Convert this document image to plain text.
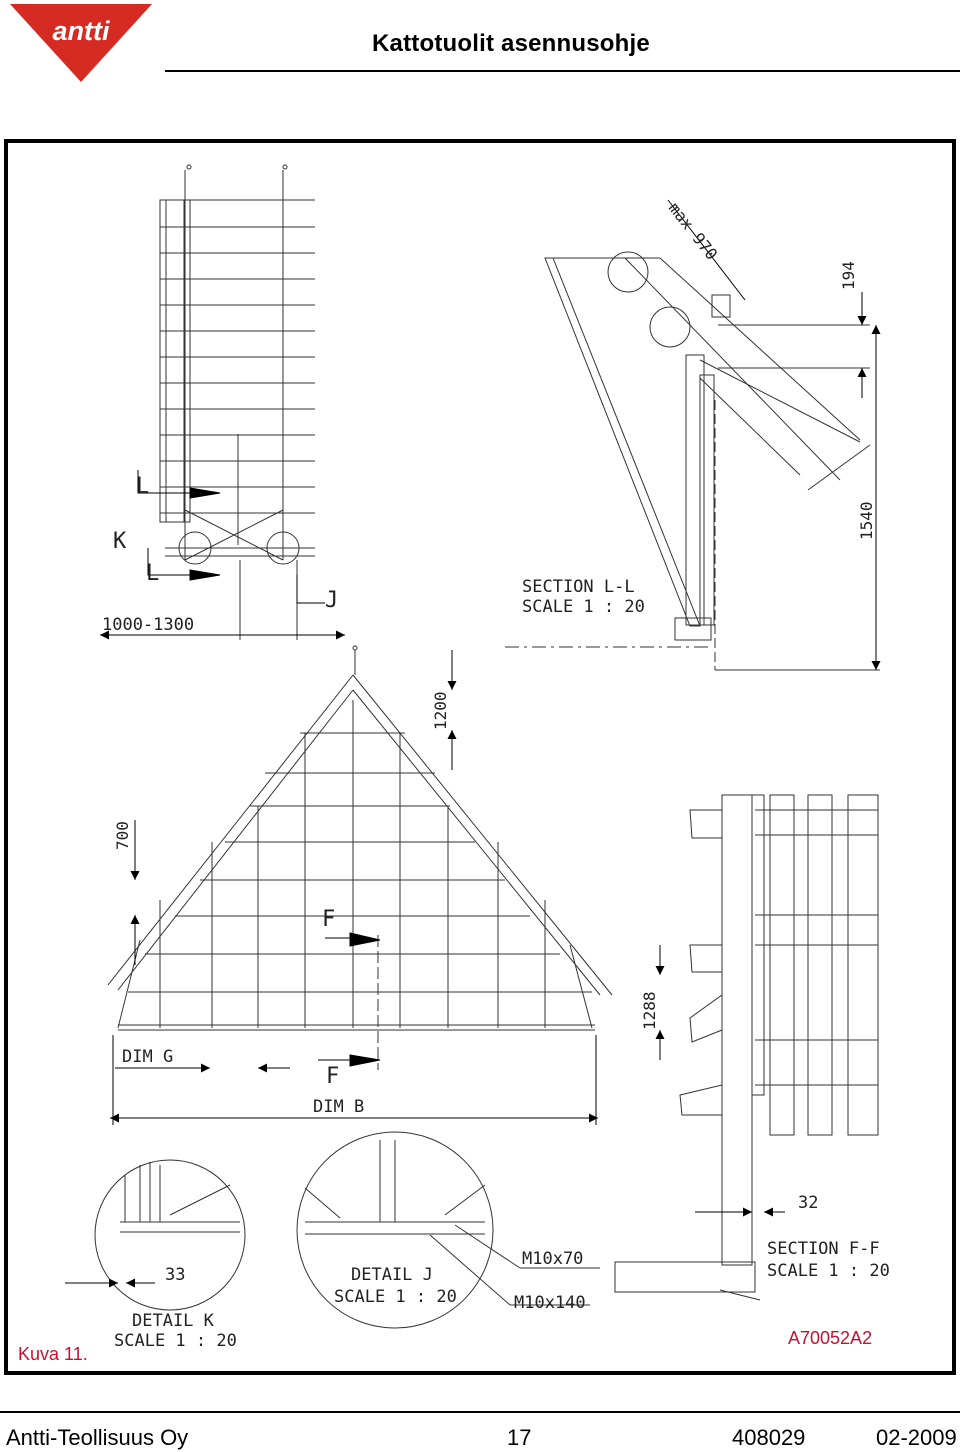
antti	Kattotuolit asennusohje
max 970
194
1540
SECTION L-L
SCALE 1 : 20
L
K
L
J
1000-1300
1200
700
F
1288
DIM G
F
DIM B
32
SECTION F-F
SCALE 1 : 20
M10x70
M10x140
DETAIL J
SCALE 1 : 20
33
DETAIL K
SCALE 1 : 20
Kuva 11.
A70052A2
Antti-Teollisuus Oy	17	408029	02-2009
